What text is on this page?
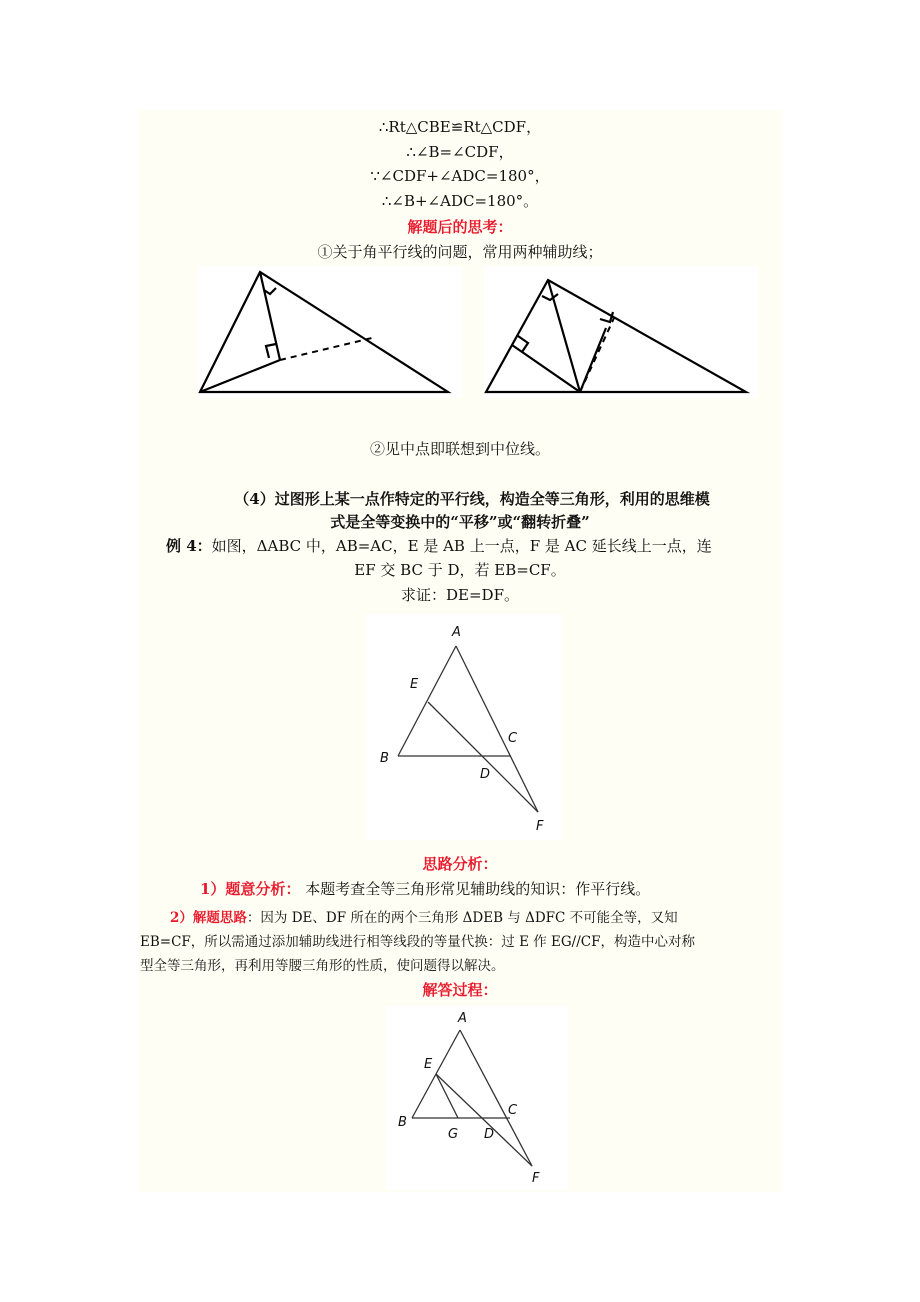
∴Rt△CBE≌Rt△CDF，
∴∠B=∠CDF，
∵∠CDF+∠ADC=180°，
∴∠B+∠ADC=180°。
解题后的思考：
①关于角平行线的问题，常用两种辅助线；
②见中点即联想到中位线。
（4）过图形上某一点作特定的平行线，构造全等三角形，利用的思维模
式是全等变换中的“平移”或“翻转折叠”
例 4：如图，ΔABC 中，AB=AC，E 是 AB 上一点，F 是 AC 延长线上一点，连
EF 交 BC 于 D，若 EB=CF。
求证：DE=DF。
A
E
C
B
D
F
思路分析：
1）题意分析： 本题考查全等三角形常见辅助线的知识：作平行线。
2）解题思路：因为 DE、DF 所在的两个三角形 ΔDEB 与 ΔDFC 不可能全等，又知
EB=CF，所以需通过添加辅助线进行相等线段的等量代换：过 E 作 EG//CF，构造中心对称
型全等三角形，再利用等腰三角形的性质，使问题得以解决。
解答过程：
A
E
B
C
G D
F
